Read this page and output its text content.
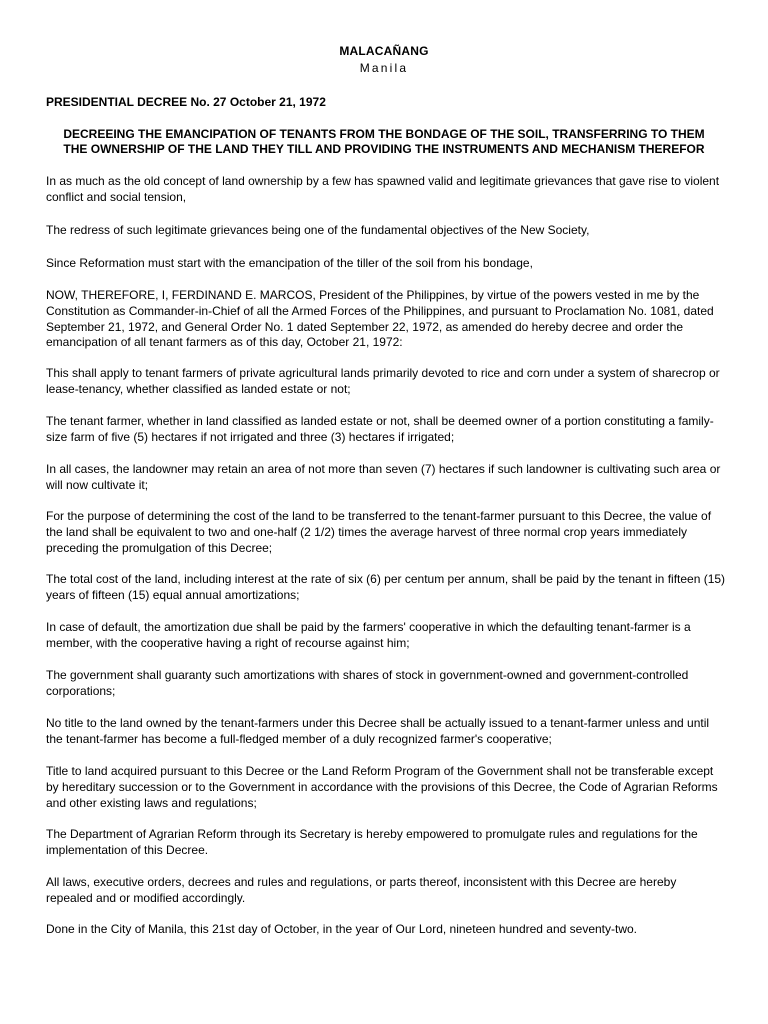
MALACAÑANG
Manila
PRESIDENTIAL DECREE No. 27 October 21, 1972
DECREEING THE EMANCIPATION OF TENANTS FROM THE BONDAGE OF THE SOIL, TRANSFERRING TO THEM
THE OWNERSHIP OF THE LAND THEY TILL AND PROVIDING THE INSTRUMENTS AND MECHANISM THEREFOR

In as much as the old concept of land ownership by a few has spawned valid and legitimate grievances that gave rise to violent conflict and social tension,

The redress of such legitimate grievances being one of the fundamental objectives of the New Society,

Since Reformation must start with the emancipation of the tiller of the soil from his bondage,

NOW, THEREFORE, I, FERDINAND E. MARCOS, President of the Philippines, by virtue of the powers vested in me by the Constitution as Commander-in-Chief of all the Armed Forces of the Philippines, and pursuant to Proclamation No. 1081, dated September 21, 1972, and General Order No. 1 dated September 22, 1972, as amended do hereby decree and order the emancipation of all tenant farmers as of this day, October 21, 1972:

This shall apply to tenant farmers of private agricultural lands primarily devoted to rice and corn under a system of sharecrop or lease-tenancy, whether classified as landed estate or not;

The tenant farmer, whether in land classified as landed estate or not, shall be deemed owner of a portion constituting a family-size farm of five (5) hectares if not irrigated and three (3) hectares if irrigated;

In all cases, the landowner may retain an area of not more than seven (7) hectares if such landowner is cultivating such area or will now cultivate it;

For the purpose of determining the cost of the land to be transferred to the tenant-farmer pursuant to this Decree, the value of the land shall be equivalent to two and one-half (2 1/2) times the average harvest of three normal crop years immediately preceding the promulgation of this Decree;

The total cost of the land, including interest at the rate of six (6) per centum per annum, shall be paid by the tenant in fifteen (15) years of fifteen (15) equal annual amortizations;

In case of default, the amortization due shall be paid by the farmers' cooperative in which the defaulting tenant-farmer is a member, with the cooperative having a right of recourse against him;

The government shall guaranty such amortizations with shares of stock in government-owned and government-controlled corporations;

No title to the land owned by the tenant-farmers under this Decree shall be actually issued to a tenant-farmer unless and until the tenant-farmer has become a full-fledged member of a duly recognized farmer's cooperative;

Title to land acquired pursuant to this Decree or the Land Reform Program of the Government shall not be transferable except by hereditary succession or to the Government in accordance with the provisions of this Decree, the Code of Agrarian Reforms and other existing laws and regulations;

The Department of Agrarian Reform through its Secretary is hereby empowered to promulgate rules and regulations for the implementation of this Decree.

All laws, executive orders, decrees and rules and regulations, or parts thereof, inconsistent with this Decree are hereby repealed and or modified accordingly.

Done in the City of Manila, this 21st day of October, in the year of Our Lord, nineteen hundred and seventy-two.
